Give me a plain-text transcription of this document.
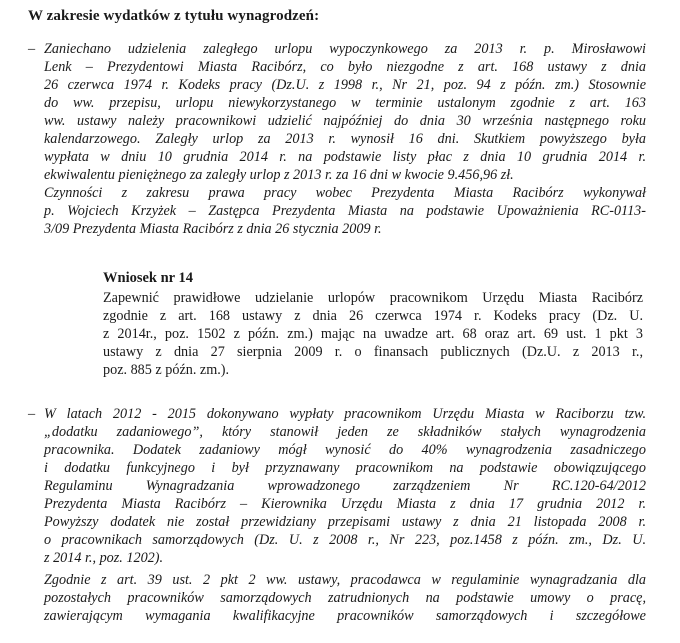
W zakresie wydatków z tytułu wynagrodzeń:
– Zaniechano udzielenia zaległego urlopu wypoczynkowego za 2013 r. p. Mirosławowi
Lenk – Prezydentowi Miasta Racibórz, co było niezgodne z art. 168 ustawy z dnia
26 czerwca 1974 r. Kodeks pracy (Dz.U. z 1998 r., Nr 21, poz. 94 z późn. zm.) Stosownie
do ww. przepisu, urlopu niewykorzystanego w terminie ustalonym zgodnie z art. 163
ww. ustawy należy pracownikowi udzielić najpóźniej do dnia 30 września następnego roku
kalendarzowego. Zaległy urlop za 2013 r. wynosił 16 dni. Skutkiem powyższego była
wypłata w dniu 10 grudnia 2014 r. na podstawie listy płac z dnia 10 grudnia 2014 r.
ekwiwalentu pieniężnego za zaległy urlop z 2013 r. za 16 dni w kwocie 9.456,96 zł.
Czynności z zakresu prawa pracy wobec Prezydenta Miasta Racibórz wykonywał
p. Wojciech Krzyżek – Zastępca Prezydenta Miasta na podstawie Upoważnienia RC-0113-
3/09 Prezydenta Miasta Racibórz z dnia 26 stycznia 2009 r.
Wniosek nr 14
Zapewnić prawidłowe udzielanie urlopów pracownikom Urzędu Miasta Racibórz
zgodnie z art. 168 ustawy z dnia 26 czerwca 1974 r. Kodeks pracy (Dz. U.
z 2014r., poz. 1502 z późn. zm.) mając na uwadze art. 68 oraz art. 69 ust. 1 pkt 3
ustawy z dnia 27 sierpnia 2009 r. o finansach publicznych (Dz.U. z 2013 r.,
poz. 885 z późn. zm.).
– W latach 2012 - 2015 dokonywano wypłaty pracownikom Urzędu Miasta w Raciborzu tzw.
„dodatku zadaniowego”, który stanowił jeden ze składników stałych wynagrodzenia
pracownika. Dodatek zadaniowy mógł wynosić do 40% wynagrodzenia zasadniczego
i dodatku funkcyjnego i był przyznawany pracownikom na podstawie obowiązującego
Regulaminu Wynagradzania wprowadzonego zarządzeniem Nr RC.120-64/2012
Prezydenta Miasta Racibórz – Kierownika Urzędu Miasta z dnia 17 grudnia 2012 r.
Powyższy dodatek nie został przewidziany przepisami ustawy z dnia 21 listopada 2008 r.
o pracownikach samorządowych (Dz. U. z 2008 r., Nr 223, poz.1458 z późn. zm., Dz. U.
z 2014 r., poz. 1202).
Zgodnie z art. 39 ust. 2 pkt 2 ww. ustawy, pracodawca w regulaminie wynagradzania dla
pozostałych pracowników samorządowych zatrudnionych na podstawie umowy o pracę,
zawierającym wymagania kwalifikacyjne pracowników samorządowych i szczegółowe
